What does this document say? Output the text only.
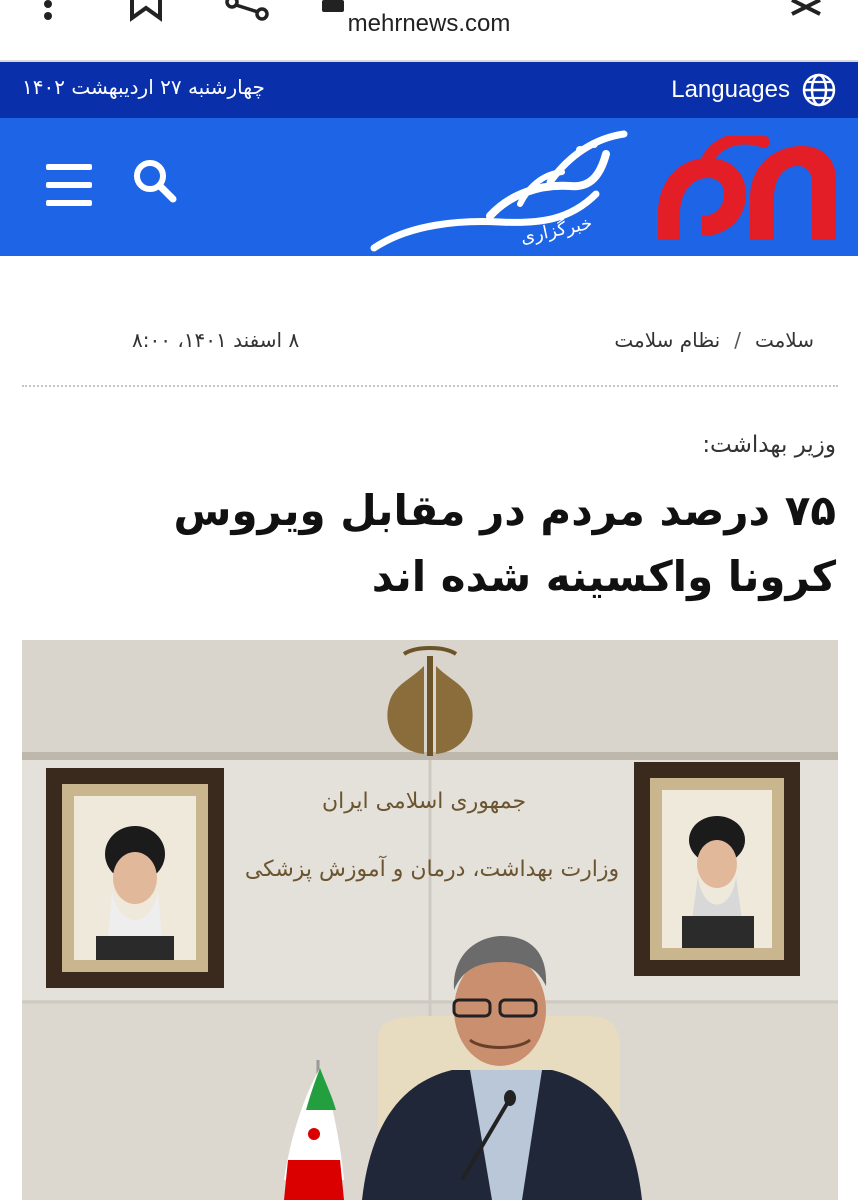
mehrnews.com
چهارشنبه ۲۷ اردیبهشت ۱۴۰۲	Languages
خبرگزاری
سلامت
/
نظام سلامت
۸ اسفند ۱۴۰۱، ۸:۰۰
وزیر بهداشت:
۷۵ درصد مردم در مقابل ویروس کرونا واکسینه شده اند
جمهوری اسلامی ایران
وزارت بهداشت، درمان و آموزش پزشکی
